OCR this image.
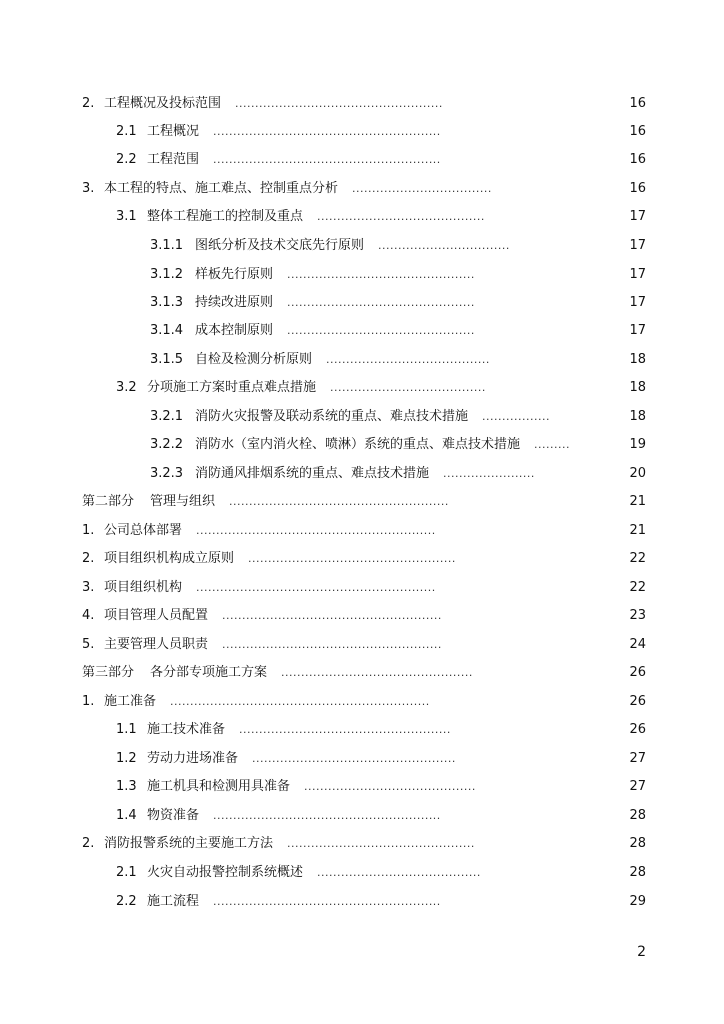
2. 工程概况及投标范围 ....................................................	16
2.1 工程概况 .........................................................	16
2.2 工程范围 .........................................................	16
3. 本工程的特点、施工难点、控制重点分析 ...................................	16
3.1 整体工程施工的控制及重点 ..........................................	17
3.1.1 图纸分析及技术交底先行原则 .................................	17
3.1.2 样板先行原则 ...............................................	17
3.1.3 持续改进原则 ...............................................	17
3.1.4 成本控制原则 ...............................................	17
3.1.5 自检及检测分析原则 .........................................	18
3.2 分项施工方案时重点难点措施 .......................................	18
3.2.1 消防火灾报警及联动系统的重点、难点技术措施 .................	18
3.2.2 消防水（室内消火栓、喷淋）系统的重点、难点技术措施 .........	19
3.2.3 消防通风排烟系统的重点、难点技术措施 .......................	20
第二部分 管理与组织 .......................................................	21
1. 公司总体部署 ............................................................	21
2. 项目组织机构成立原则 ....................................................	22
3. 项目组织机构 ............................................................	22
4. 项目管理人员配置 .......................................................	23
5. 主要管理人员职责 .......................................................	24
第三部分 各分部专项施工方案 ................................................	26
1. 施工准备 .................................................................	26
1.1 施工技术准备 .....................................................	26
1.2 劳动力进场准备 ...................................................	27
1.3 施工机具和检测用具准备 ...........................................	27
1.4 物资准备 .........................................................	28
2. 消防报警系统的主要施工方法 ...............................................	28
2.1 火灾自动报警控制系统概述 .........................................	28
2.2 施工流程 .........................................................	29
2
